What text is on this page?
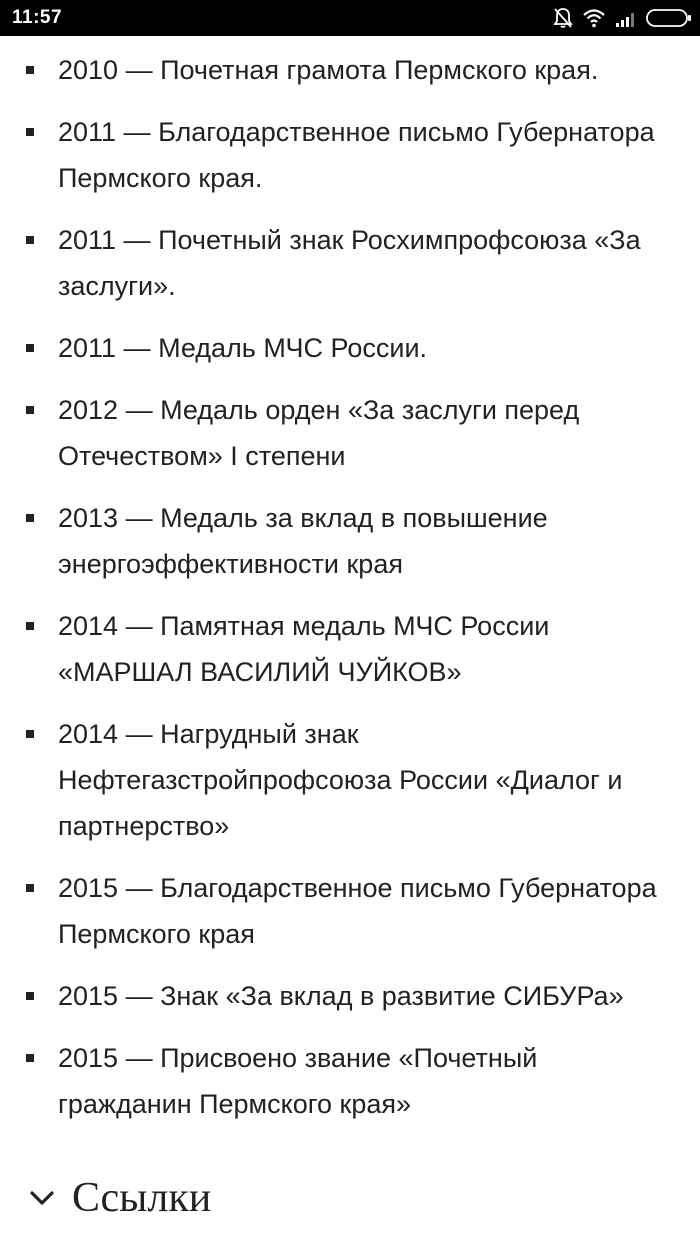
11:57
2010 — Почетная грамота Пермского края.
2011 — Благодарственное письмо Губернатора Пермского края.
2011 — Почетный знак Росхимпрофсоюза «За заслуги».
2011 — Медаль МЧС России.
2012 — Медаль орден «За заслуги перед Отечеством» I степени
2013 — Медаль за вклад в повышение энергоэффективности края
2014 — Памятная медаль МЧС России «МАРШАЛ ВАСИЛИЙ ЧУЙКОВ»
2014 — Нагрудный знак Нефтегазстройпрофсоюза России «Диалог и партнерство»
2015 — Благодарственное письмо Губернатора Пермского края
2015 — Знак «За вклад в развитие СИБУРа»
2015 — Присвоено звание «Почетный гражданин Пермского края»
Ссылки
